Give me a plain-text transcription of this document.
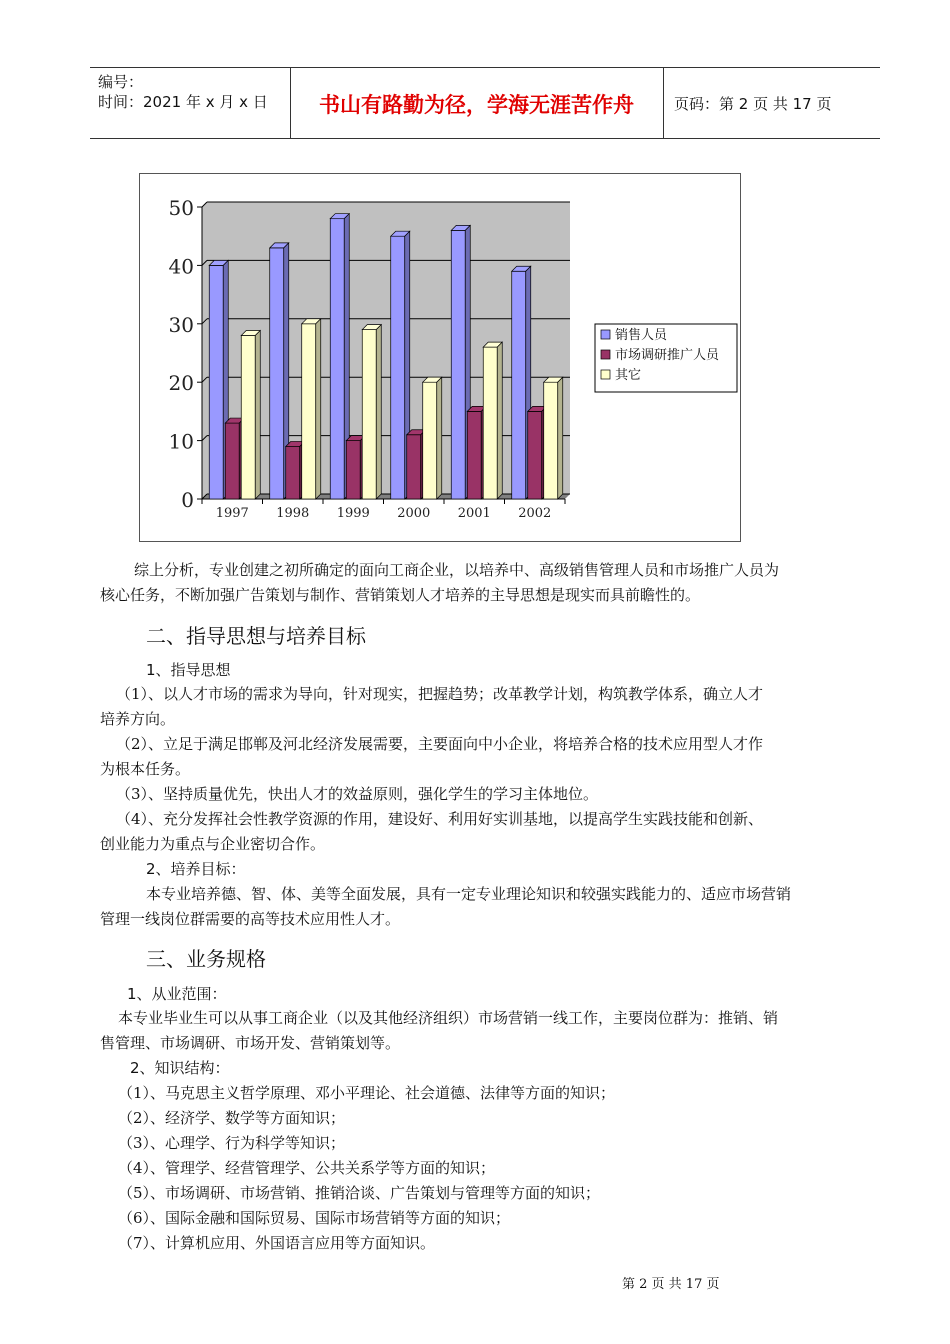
编号：
时间：2021 年 x 月 x 日	书山有路勤为径，学海无涯苦作舟	页码：第 2 页 共 17 页
0
10
20
30
40
50
1997 1998 1999 2000 2001 2002
销售人员
市场调研推广人员
其它
综上分析，专业创建之初所确定的面向工商企业，以培养中、高级销售管理人员和市场推广人员为
核心任务，不断加强广告策划与制作、营销策划人才培养的主导思想是现实而具前瞻性的。
二、指导思想与培养目标
1、指导思想
（1）、以人才市场的需求为导向，针对现实，把握趋势；改革教学计划，构筑教学体系，确立人才
培养方向。
（2）、立足于满足邯郸及河北经济发展需要，主要面向中小企业，将培养合格的技术应用型人才作
为根本任务。
（3）、坚持质量优先，快出人才的效益原则，强化学生的学习主体地位。
（4）、充分发挥社会性教学资源的作用，建设好、利用好实训基地，以提高学生实践技能和创新、
创业能力为重点与企业密切合作。
2、培养目标：
本专业培养德、智、体、美等全面发展，具有一定专业理论知识和较强实践能力的、适应市场营销
管理一线岗位群需要的高等技术应用性人才。
三、业务规格
1、从业范围：
本专业毕业生可以从事工商企业（以及其他经济组织）市场营销一线工作，主要岗位群为：推销、销
售管理、市场调研、市场开发、营销策划等。
2、知识结构：
（1）、马克思主义哲学原理、邓小平理论、社会道德、法律等方面的知识；
（2）、经济学、数学等方面知识；
（3）、心理学、行为科学等知识；
（4）、管理学、经营管理学、公共关系学等方面的知识；
（5）、市场调研、市场营销、推销洽谈、广告策划与管理等方面的知识；
（6）、国际金融和国际贸易、国际市场营销等方面的知识；
（7）、计算机应用、外国语言应用等方面知识。
第 2 页 共 17 页
